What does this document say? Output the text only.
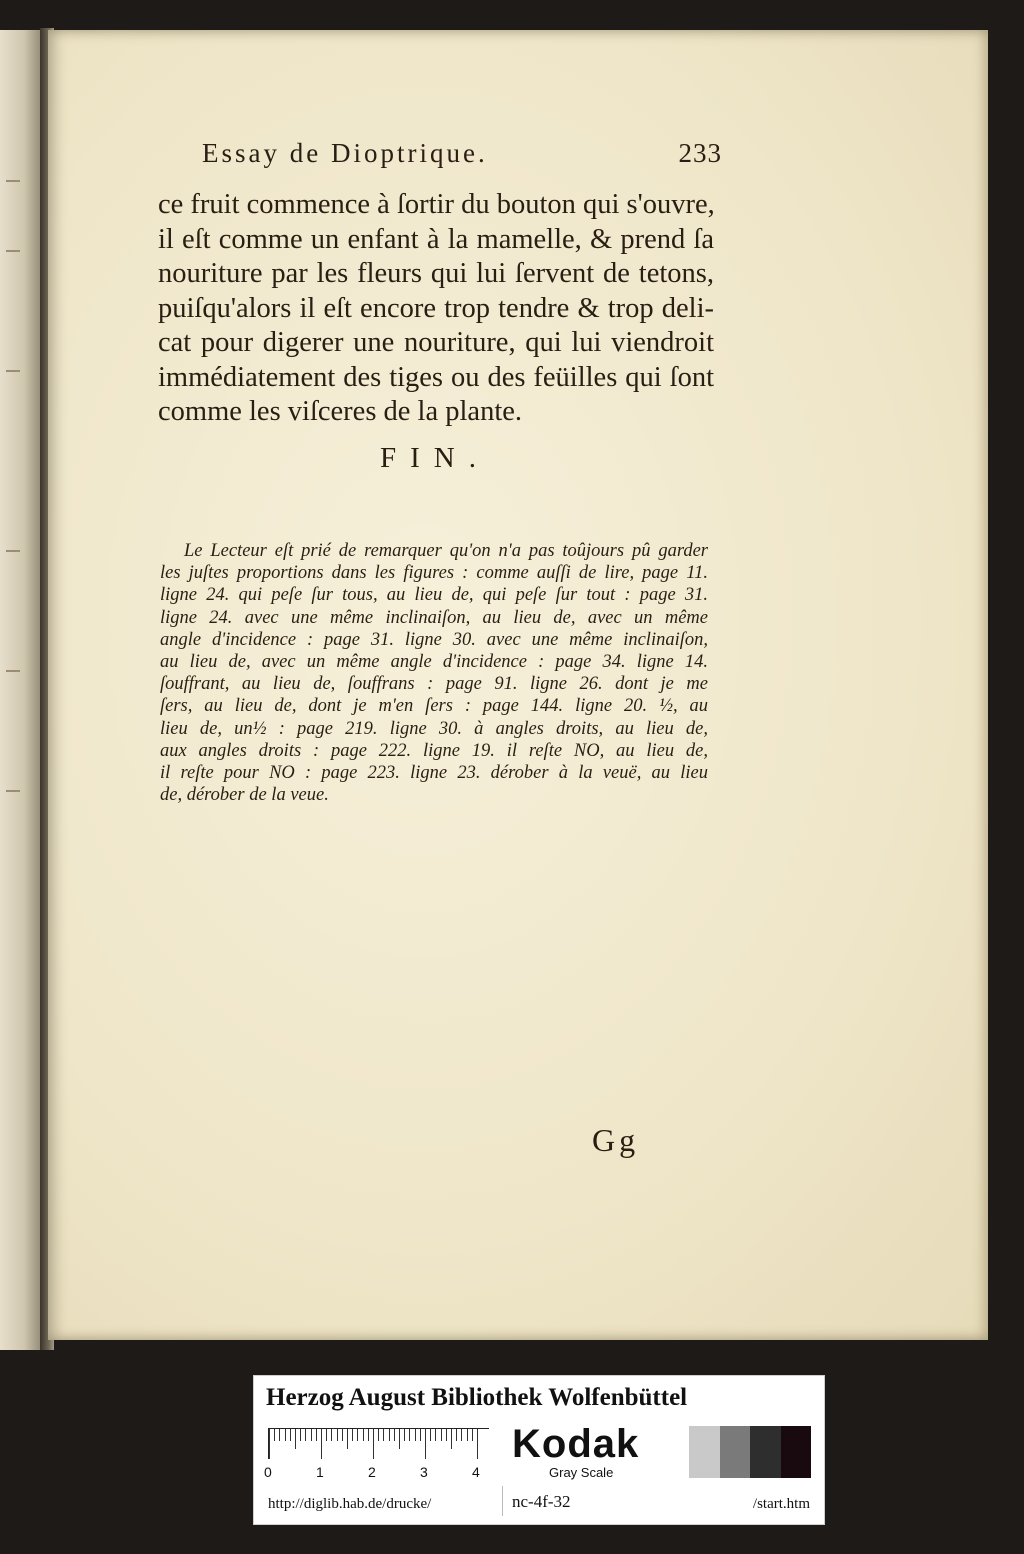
Essay de Dioptrique.	233
ce fruit commence à ſortir du bouton qui s'ouvre,
il eſt comme un enfant à la mamelle, & prend ſa
nouriture par les fleurs qui lui ſervent de tetons,
puiſqu'alors il eſt encore trop tendre & trop deli-
cat pour digerer une nouriture, qui lui viendroit
immédiatement des tiges ou des feüilles qui ſont
comme les viſceres de la plante.
FIN.
Le Lecteur eſt prié de remarquer qu'on n'a pas toûjours pû garder
les juſtes proportions dans les figures : comme auſſi de lire, page 11.
ligne 24. qui peſe ſur tous, au lieu de, qui peſe ſur tout : page 31.
ligne 24. avec une même inclinaiſon, au lieu de, avec un même
angle d'incidence : page 31. ligne 30. avec une même inclinaiſon,
au lieu de, avec un même angle d'incidence : page 34. ligne 14.
ſouffrant, au lieu de, ſouffrans : page 91. ligne 26. dont je me
ſers, au lieu de, dont je m'en ſers : page 144. ligne 20. ½, au
lieu de, un½ : page 219. ligne 30. à angles droits, au lieu de,
aux angles droits : page 222. ligne 19. il reſte NO, au lieu de,
il reſte pour NO : page 223. ligne 23. dérober à la veuë, au lieu
de, dérober de la veue.
Gg
Herzog August Bibliothek Wolfenbüttel
0	1	2	3	4
Kodak
Gray Scale
http://diglib.hab.de/drucke/	nc-4f-32	/start.htm
